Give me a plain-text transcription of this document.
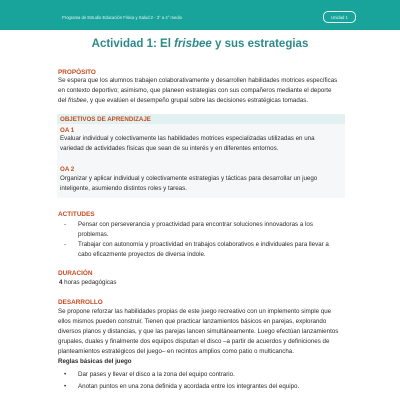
Programa de Estudio Educación Física y Salud 2 - 3° a 4° medio	Unidad 1
Actividad 1: El frisbee y sus estrategias
PROPÓSITO
Se espera que los alumnos trabajen colaborativamente y desarrollen habilidades motrices específicas
en contexto deportivo; asimismo, que planeen estrategias con sus compañeros mediante el deporte
del frisbee, y que evalúen el desempeño grupal sobre las decisiones estratégicas tomadas.
OBJETIVOS DE APRENDIZAJE
OA 1
Evaluar individual y colectivamente las habilidades motrices especializadas utilizadas en una
variedad de actividades físicas que sean de su interés y en diferentes entornos.
OA 2
Organizar y aplicar individual y colectivamente estrategias y tácticas para desarrollar un juego
inteligente, asumiendo distintos roles y tareas.
ACTITUDES
-	Pensar con perseverancia y proactividad para encontrar soluciones innovadoras a los
problemas.
-	Trabajar con autonomía y proactividad en trabajos colaborativos e individuales para llevar a
cabo eficazmente proyectos de diversa índole.
DURACIÓN
4 horas pedagógicas
DESARROLLO
Se propone reforzar las habilidades propias de este juego recreativo con un implemento simple que
ellos mismos pueden construir. Tienen que practicar lanzamientos básicos en parejas, explorando
diversos planos y distancias, y que las parejas lancen simultáneamente. Luego efectúan lanzamientos
grupales, duales y finalmente dos equipos disputan el disco –a partir de acuerdos y definiciones de
planteamientos estratégicos del juego– en recintos amplios como patio o multicancha.
Reglas básicas del juego
• Dar pases y llevar el disco a la zona del equipo contrario.
• Anotan puntos en una zona definida y acordada entre los integrantes del equipo.
